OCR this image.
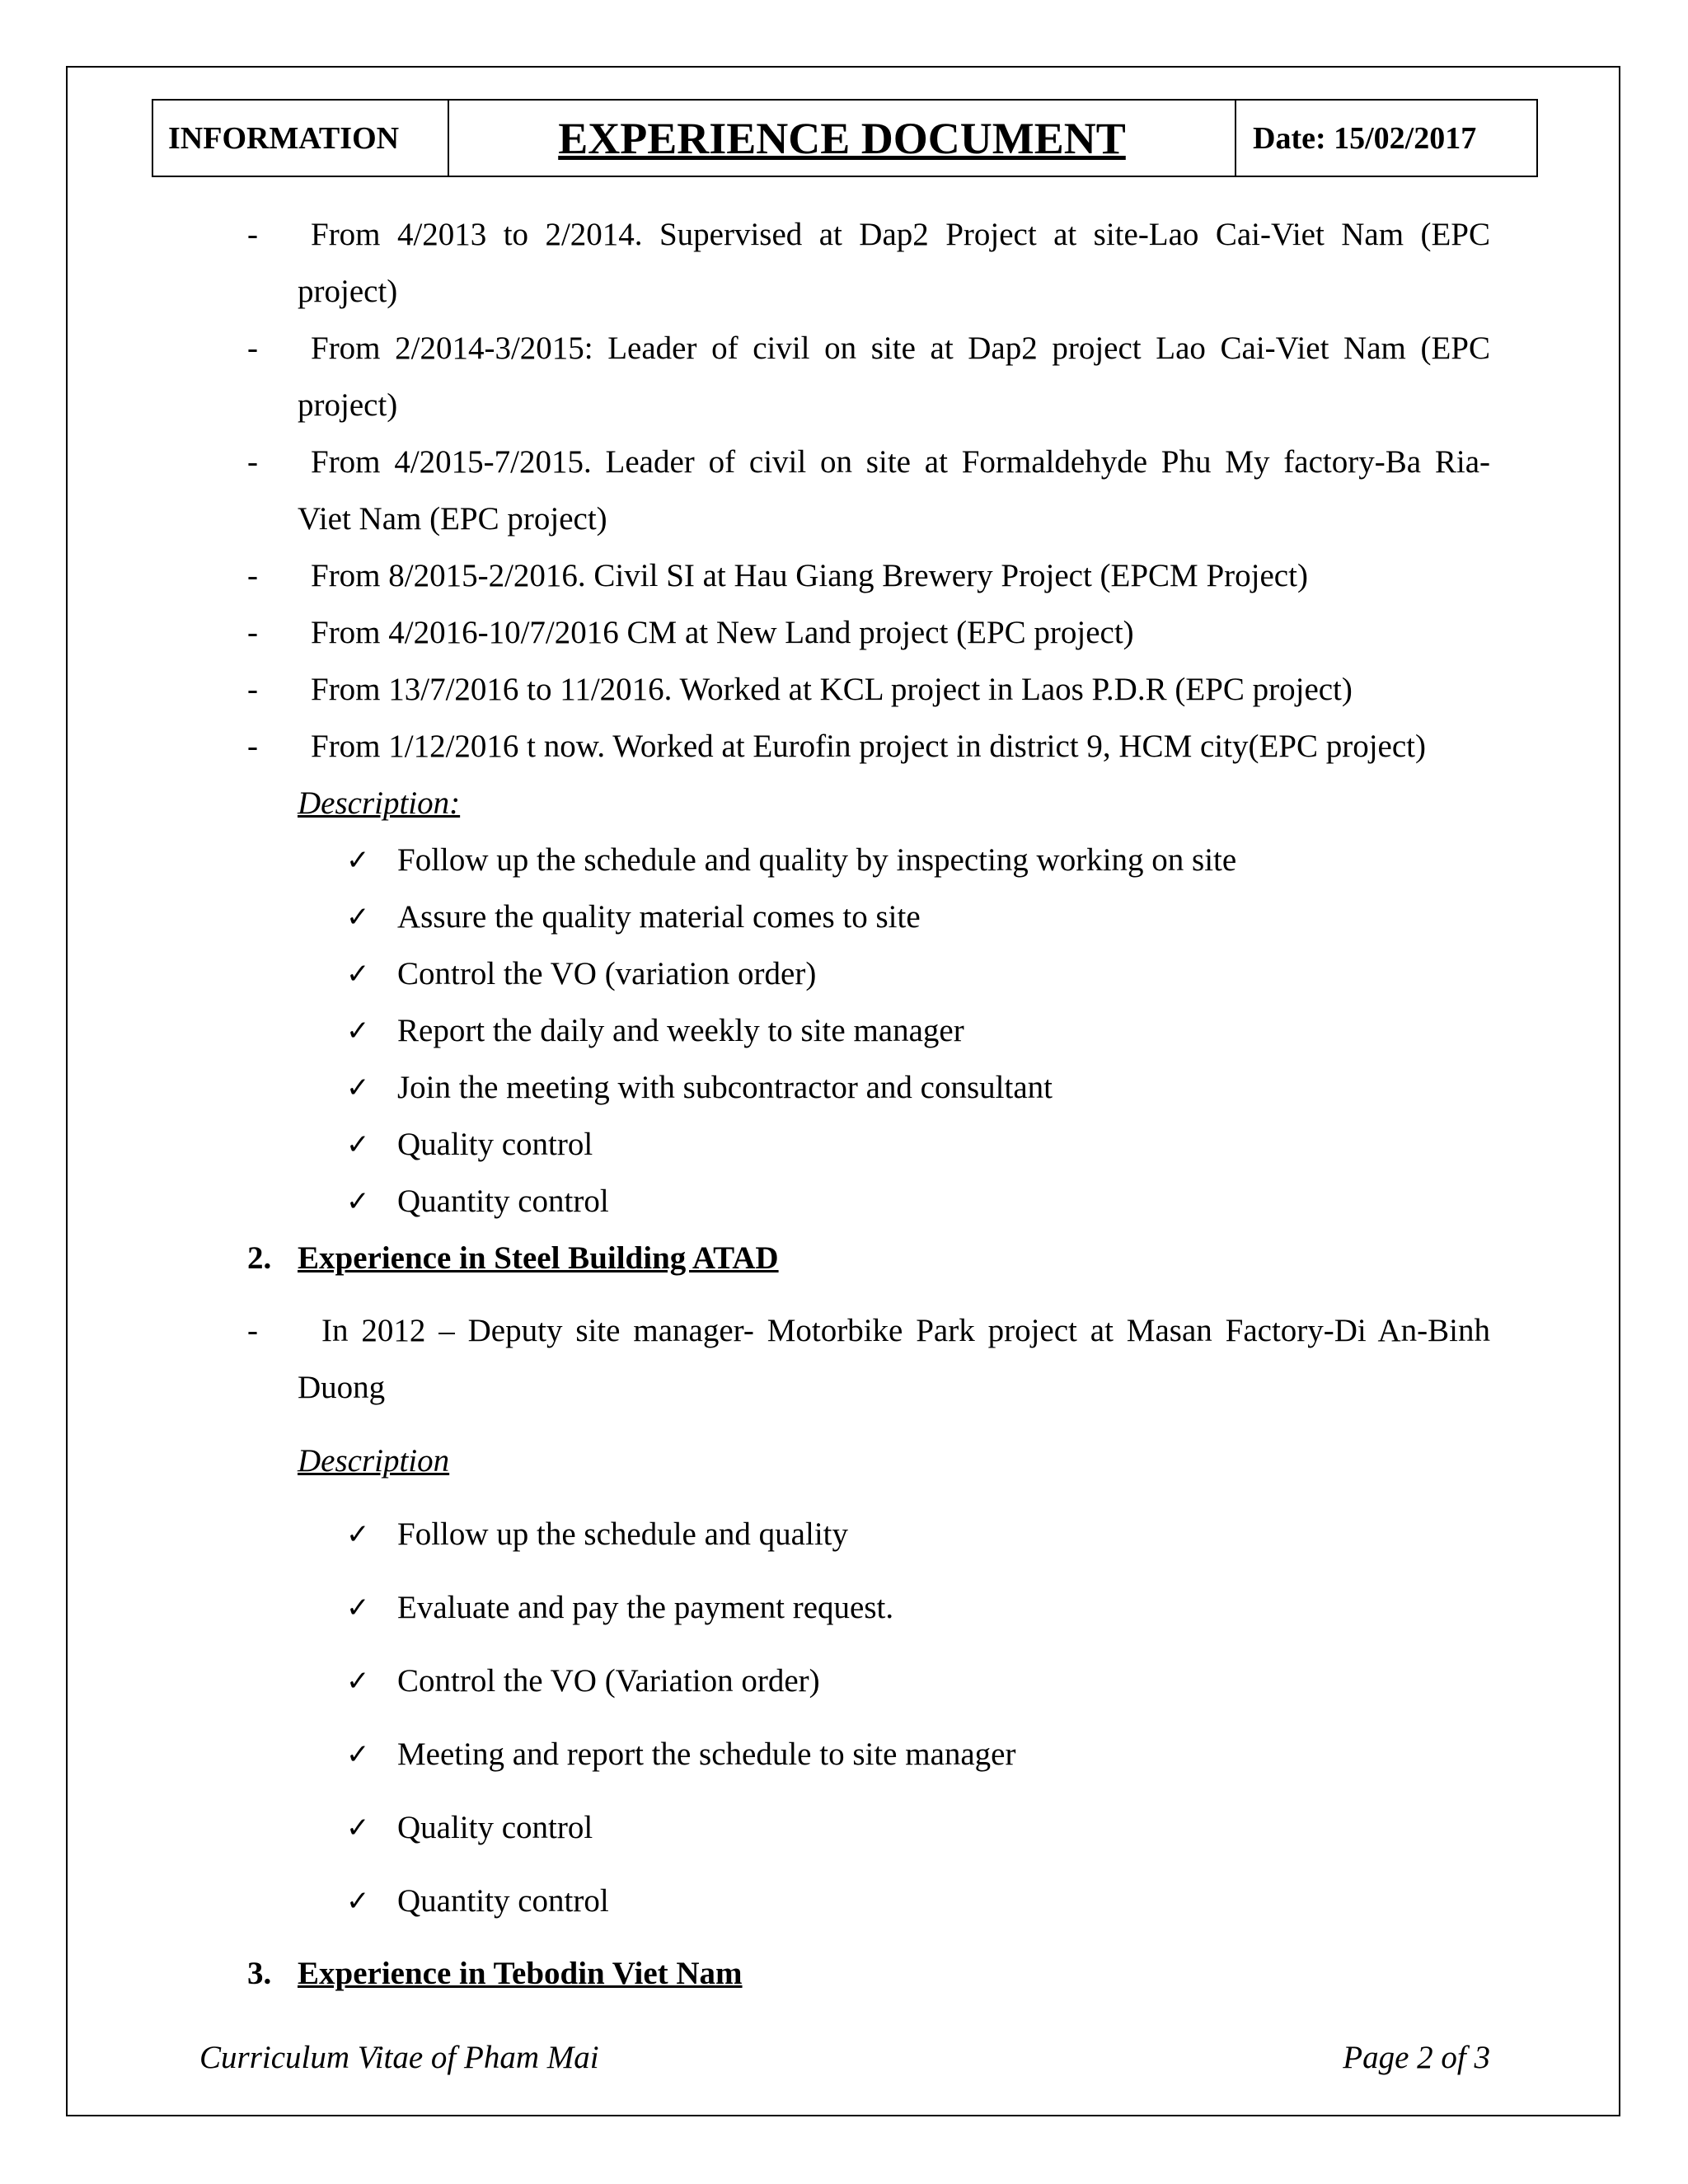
INFORMATION	EXPERIENCE DOCUMENT	Date: 15/02/2017
- From 4/2013 to 2/2014. Supervised at Dap2 Project at site-Lao Cai-Viet Nam (EPC
project)
- From 2/2014-3/2015: Leader of civil on site at Dap2 project Lao Cai-Viet Nam (EPC
project)
- From 4/2015-7/2015. Leader of civil on site at Formaldehyde Phu My factory-Ba Ria-
Viet Nam (EPC project)
- From 8/2015-2/2016. Civil SI at Hau Giang Brewery Project (EPCM Project)
- From 4/2016-10/7/2016 CM at New Land project (EPC project)
- From 13/7/2016 to 11/2016. Worked at KCL project in Laos P.D.R (EPC project)
- From 1/12/2016 t now. Worked at Eurofin project in district 9, HCM city(EPC project)
Description:
✓ Follow up the schedule and quality by inspecting working on site
✓ Assure the quality material comes to site
✓ Control the VO (variation order)
✓ Report the daily and weekly to site manager
✓ Join the meeting with subcontractor and consultant
✓ Quality control
✓ Quantity control
2. Experience in Steel Building ATAD
- In 2012 – Deputy site manager- Motorbike Park project at Masan Factory-Di An-Binh
Duong
Description
✓ Follow up the schedule and quality
✓ Evaluate and pay the payment request.
✓ Control the VO (Variation order)
✓ Meeting and report the schedule to site manager
✓ Quality control
✓ Quantity control
3. Experience in Tebodin Viet Nam
Curriculum Vitae of Pham Mai	Page 2 of 3
